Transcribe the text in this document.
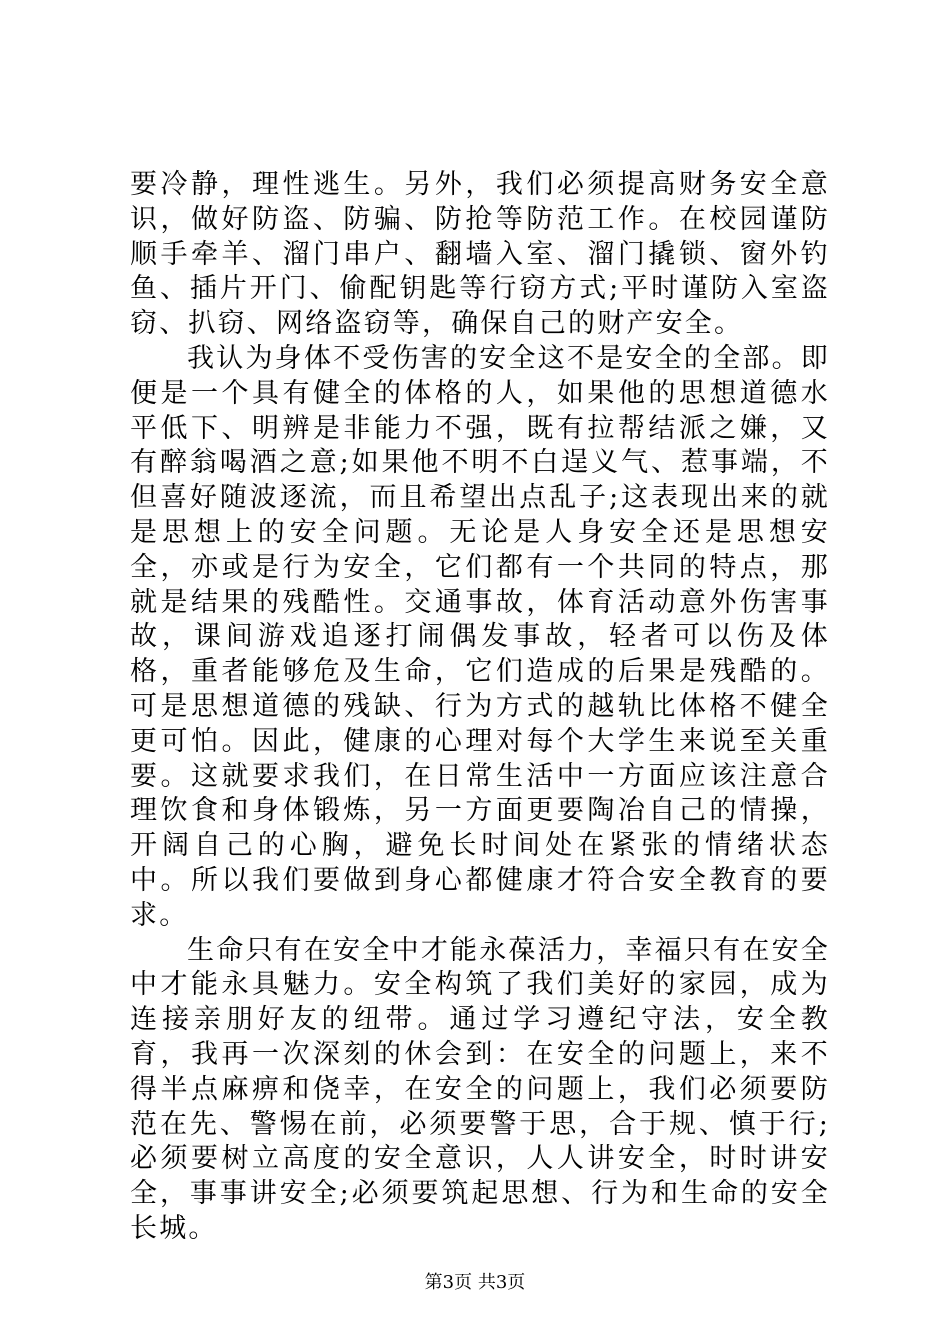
要冷静，理性逃生。另外，我们必须提高财务安全意识，做好防盗、防骗、防抢等防范工作。在校园谨防顺手牵羊、溜门串户、翻墙入室、溜门撬锁、窗外钓鱼、插片开门、偷配钥匙等行窃方式;平时谨防入室盗窃、扒窃、网络盗窃等，确保自己的财产安全。

我认为身体不受伤害的安全这不是安全的全部。即便是一个具有健全的体格的人，如果他的思想道德水平低下、明辨是非能力不强，既有拉帮结派之嫌，又有醉翁喝酒之意;如果他不明不白逞义气、惹事端，不但喜好随波逐流，而且希望出点乱子;这表现出来的就是思想上的安全问题。无论是人身安全还是思想安全，亦或是行为安全，它们都有一个共同的特点，那就是结果的残酷性。交通事故，体育活动意外伤害事故，课间游戏追逐打闹偶发事故，轻者可以伤及体格，重者能够危及生命，它们造成的后果是残酷的。可是思想道德的残缺、行为方式的越轨比体格不健全更可怕。因此，健康的心理对每个大学生来说至关重要。这就要求我们，在日常生活中一方面应该注意合理饮食和身体锻炼，另一方面更要陶冶自己的情操，开阔自己的心胸，避免长时间处在紧张的情绪状态中。所以我们要做到身心都健康才符合安全教育的要求。

生命只有在安全中才能永葆活力，幸福只有在安全中才能永具魅力。安全构筑了我们美好的家园，成为连接亲朋好友的纽带。通过学习遵纪守法，安全教育，我再一次深刻的休会到：在安全的问题上，来不得半点麻痹和侥幸，在安全的问题上，我们必须要防范在先、警惕在前，必须要警于思，合于规、慎于行;必须要树立高度的安全意识，人人讲安全，时时讲安全，事事讲安全;必须要筑起思想、行为和生命的安全长城。

第3页 共3页
